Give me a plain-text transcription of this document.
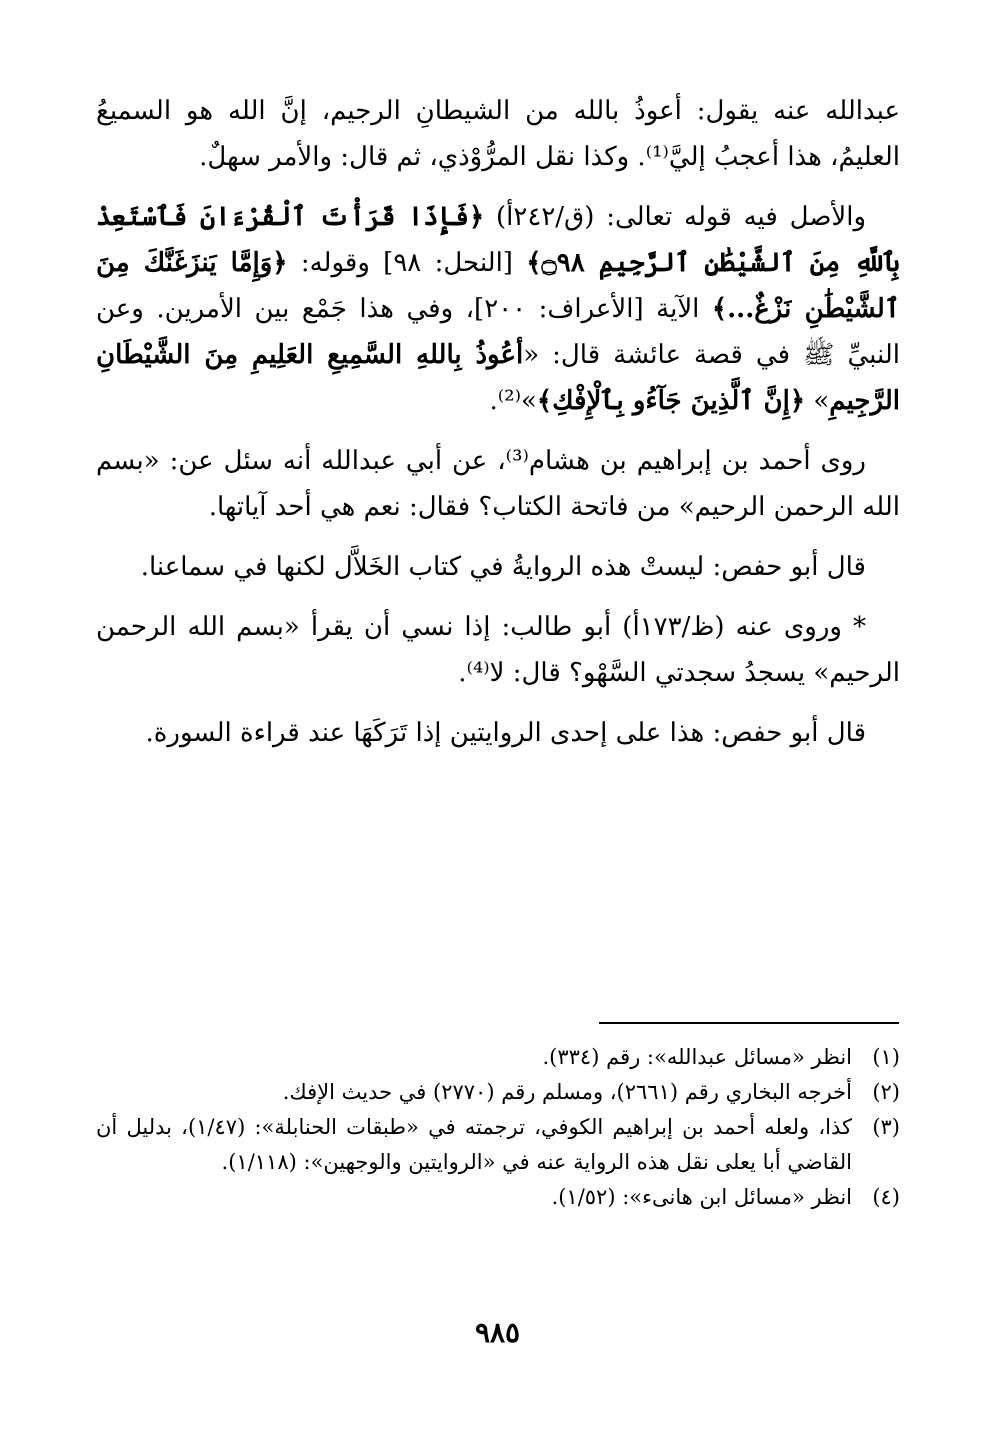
عبدالله عنه يقول: أعوذُ بالله من الشيطانِ الرجيم، إنَّ الله هو السميعُ العليمُ، هذا أعجبُ إليَّ⁽¹⁾. وكذا نقل المرُّوْذي، ثم قال: والأمر سهلٌ.

والأصل فيه قوله تعالى: (ق/٢٤٢أ) ﴿فَإِذَا قَرَأْتَ ٱلْقُرْءَانَ فَٱسْتَعِذْ بِٱللَّهِ مِنَ ٱلشَّيْطَٰنِ ٱلرَّجِيمِ ۝٩٨﴾ [النحل: ٩٨] وقوله: ﴿وَإِمَّا يَنزَغَنَّكَ مِنَ ٱلشَّيْطَٰنِ نَزْغٌ...﴾ الآية [الأعراف: ٢٠٠]، وفي هذا جَمْع بين الأمرين. وعن النبيِّ ﷺ في قصة عائشة قال: «أعُوذُ بِاللهِ السَّمِيعِ العَلِيمِ مِنَ الشَّيْطَانِ الرَّجِيمِ» ﴿إِنَّ ٱلَّذِينَ جَآءُو بِٱلْإِفْكِ﴾»⁽²⁾.

روى أحمد بن إبراهيم بن هشام⁽³⁾، عن أبي عبدالله أنه سئل عن: «بسم الله الرحمن الرحيم» من فاتحة الكتاب؟ فقال: نعم هي أحد آياتها.

قال أبو حفص: ليستْ هذه الروايةُ في كتاب الخَلاَّل لكنها في سماعنا.

* وروى عنه (ظ/١٧٣أ) أبو طالب: إذا نسي أن يقرأ «بسم الله الرحمن الرحيم» يسجدُ سجدتي السَّهْو؟ قال: لا⁽⁴⁾.

قال أبو حفص: هذا على إحدى الروايتين إذا تَرَكَهَا عند قراءة السورة.

(١)
انظر «مسائل عبدالله»: رقم (٣٣٤).
(٢)
أخرجه البخاري رقم (٢٦٦١)، ومسلم رقم (٢٧٧٠) في حديث الإفك.
(٣)
كذا، ولعله أحمد بن إبراهيم الكوفي، ترجمته في «طبقات الحنابلة»: (١/٤٧)، بدليل أن القاضي أبا يعلى نقل هذه الرواية عنه في «الروايتين والوجهين»: (١/١١٨).
(٤)
انظر «مسائل ابن هانىء»: (١/٥٢).
٩٨٥
